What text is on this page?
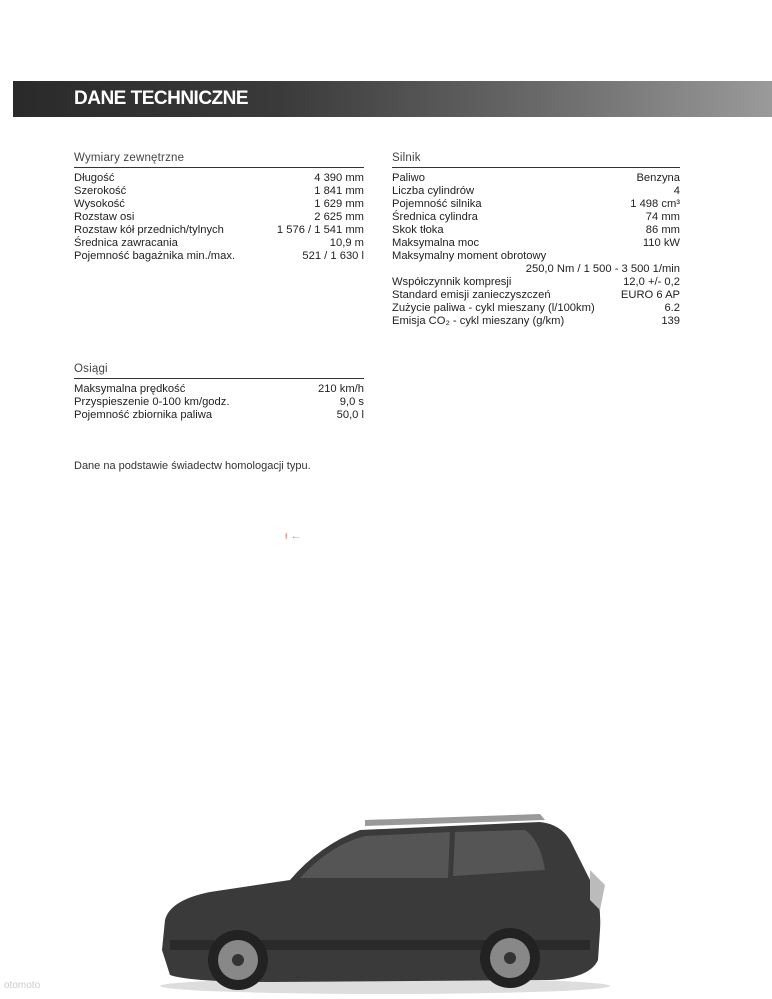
DANE TECHNICZNE
Wymiary zewnętrzne
Długość	4 390 mm
Szerokość	1 841 mm
Wysokość	1 629 mm
Rozstaw osi	2 625 mm
Rozstaw kół przednich/tylnych	1 576 / 1 541 mm
Średnica zawracania	10,9 m
Pojemność bagażnika min./max.	521 / 1 630 l
Silnik
Paliwo	Benzyna
Liczba cylindrów	4
Pojemność silnika	1 498 cm³
Średnica cylindra	74 mm
Skok tłoka	86 mm
Maksymalna moc	110 kW
Maksymalny moment obrotowy
250,0 Nm / 1 500 - 3 500 1/min
Współczynnik kompresji	12,0 +/- 0,2
Standard emisji zanieczyszczeń	EURO 6 AP
Zużycie paliwa - cykl mieszany (l/100km)	6.2
Emisja CO₂ - cykl mieszany (g/km)	139
Osiągi
Maksymalna prędkość	210 km/h
Przyspieszenie 0-100 km/godz.	9,0 s
Pojemność zbiornika paliwa	50,0 l
Dane na podstawie świadectw homologacji typu.
ᵼ ←
otomoto
